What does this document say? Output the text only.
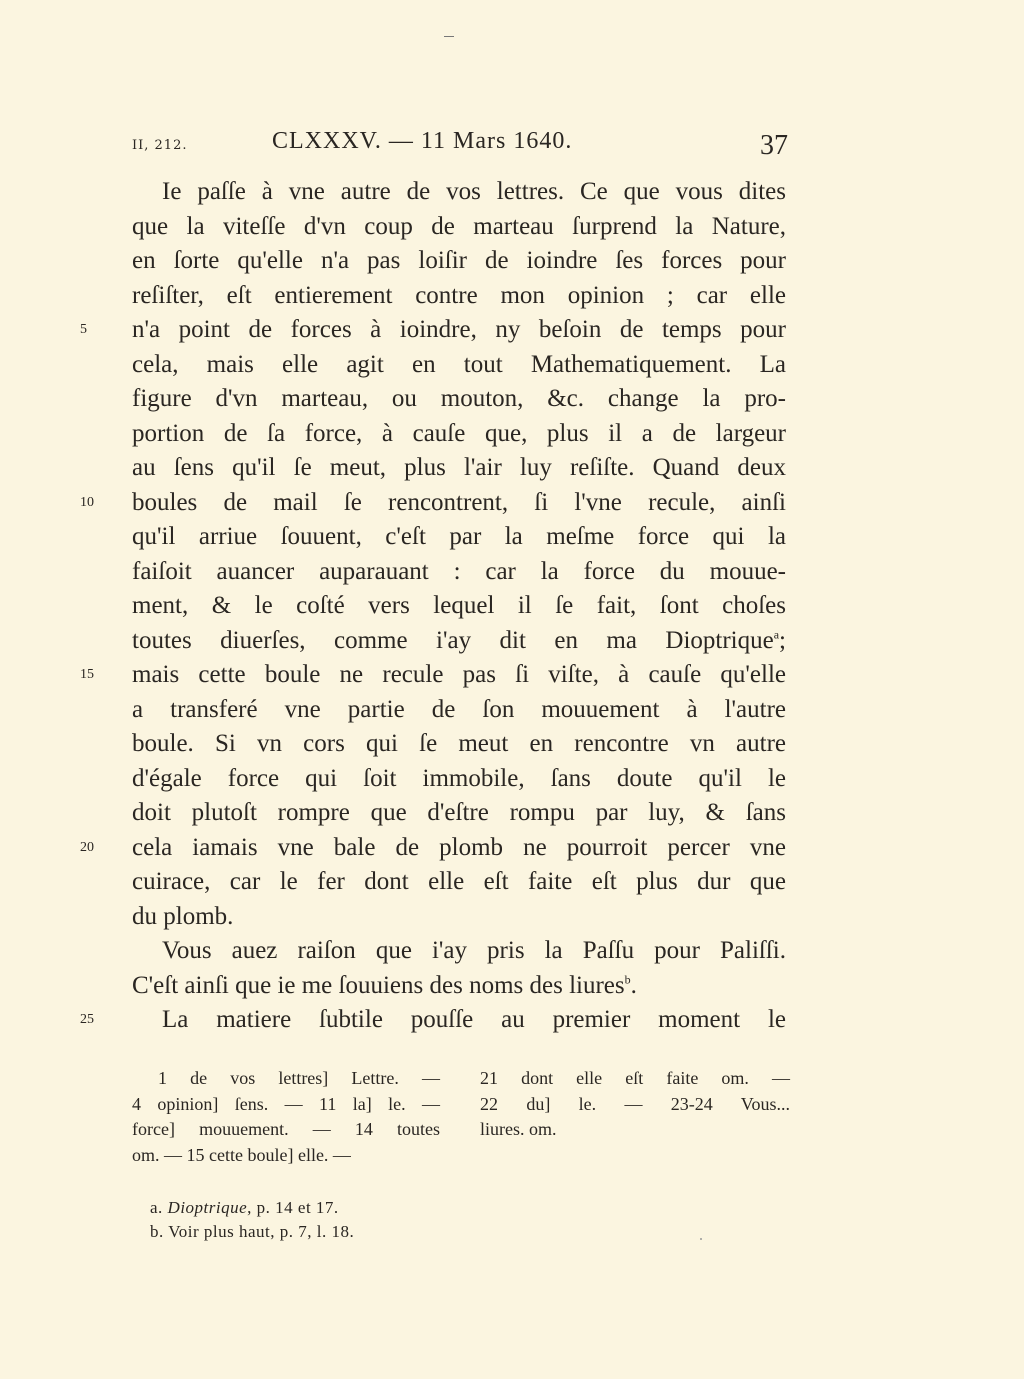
II, 212.	CLXXXV. — 11 Mars 1640.	37
Ie paſſe à vne autre de vos lettres. Ce que vous dites
que la viteſſe d'vn coup de marteau ſurprend la Nature,
en ſorte qu'elle n'a pas loiſir de ioindre ſes forces pour
reſiſter, eſt entierement contre mon opinion ; car elle
5	n'a point de forces à ioindre, ny beſoin de temps pour
cela, mais elle agit en tout Mathematiquement. La
figure d'vn marteau, ou mouton, &c. change la pro-
portion de ſa force, à cauſe que, plus il a de largeur
au ſens qu'il ſe meut, plus l'air luy reſiſte. Quand deux
10 boules de mail ſe rencontrent, ſi l'vne recule, ainſi
qu'il arriue ſouuent, c'eſt par la meſme force qui la
faiſoit auancer auparauant : car la force du mouue-
ment, & le coſté vers lequel il ſe fait, ſont choſes
toutes diuerſes, comme i'ay dit en ma Dioptrique$^a$;
15 mais cette boule ne recule pas ſi viſte, à cauſe qu'elle
a transferé vne partie de ſon mouuement à l'autre
boule. Si vn cors qui ſe meut en rencontre vn autre
d'égale force qui ſoit immobile, ſans doute qu'il le
doit plutoſt rompre que d'eſtre rompu par luy, & ſans
20 cela iamais vne bale de plomb ne pourroit percer vne
cuirace, car le fer dont elle eſt faite eſt plus dur que
du plomb.
Vous auez raiſon que i'ay pris la Paſſu pour Paliſſi.
C'eſt ainſi que ie me ſouuiens des noms des liures$^b$.
25	La matiere ſubtile pouſſe au premier moment le
1 de vos lettres] Lettre. —
4 opinion] ſens. — 11 la] le. —
force] mouuement. — 14 toutes
om. — 15 cette boule] elle. —
21 dont elle eſt faite om. —
22 du] le. — 23-24 Vous...
liures. om.
a. Dioptrique, p. 14 et 17.
b. Voir plus haut, p. 7, l. 18.
